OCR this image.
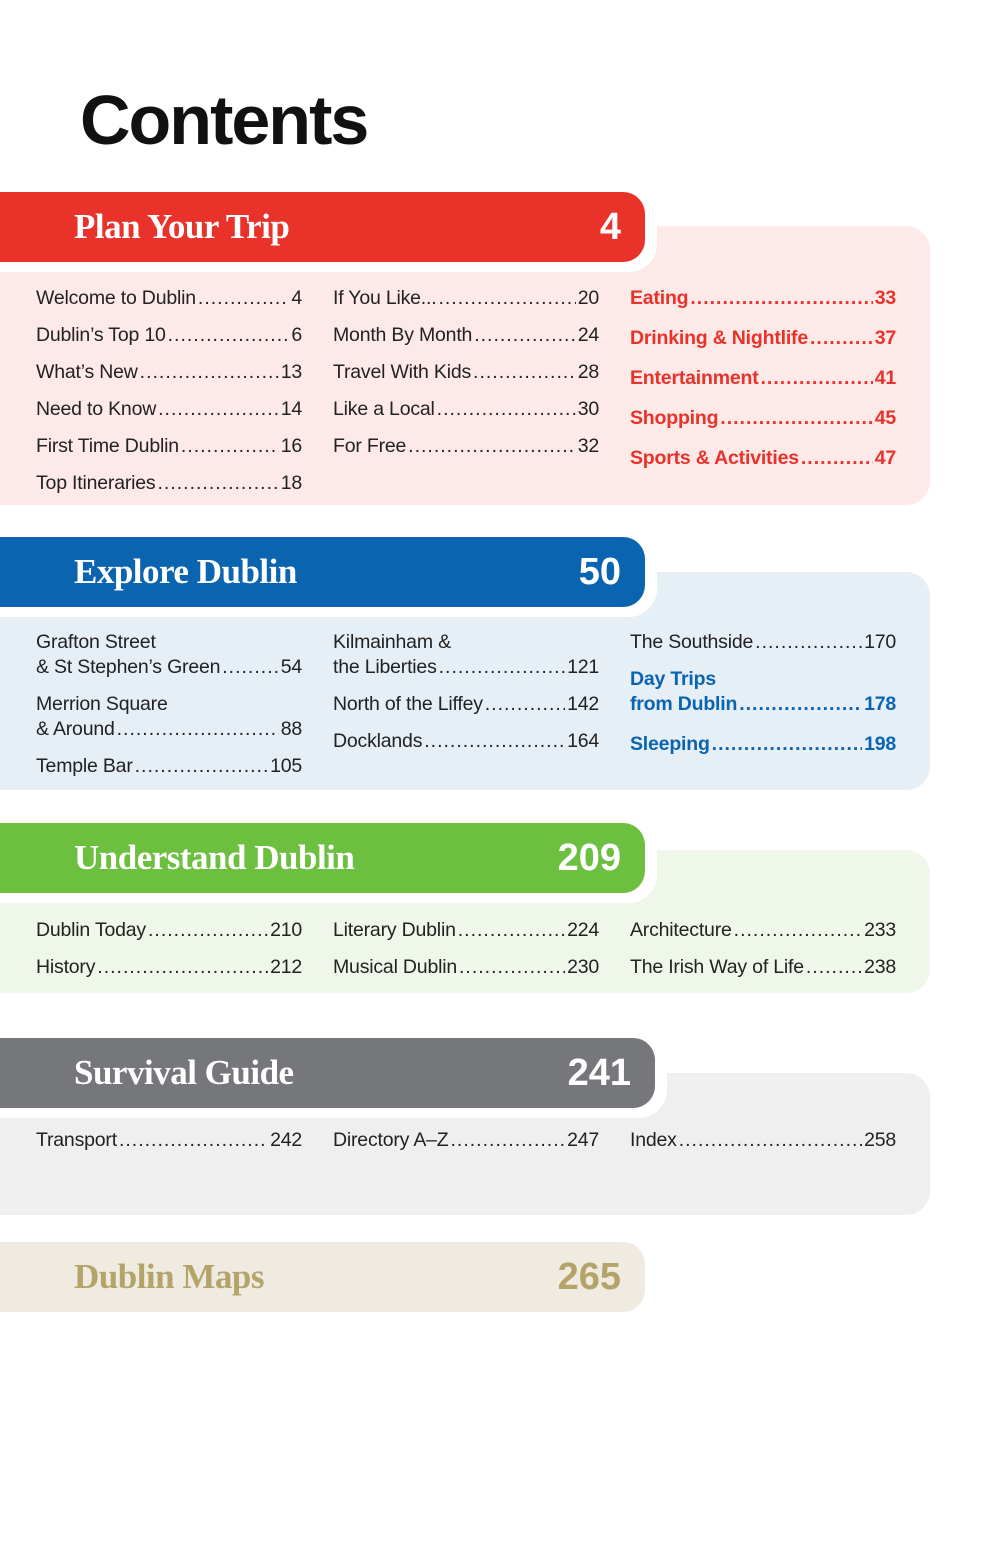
Contents
Plan Your Trip	4
Welcome to Dublin .....	4
Dublin’s Top 10 .....	6
What’s New .....	13
Need to Know .....	14
First Time Dublin .....	16
Top Itineraries .....	18
If You Like... .....	20
Month By Month .....	24
Travel With Kids .....	28
Like a Local .....	30
For Free .....	32
Eating .....	33
Drinking & Nightlife .....	37
Entertainment .....	41
Shopping .....	45
Sports & Activities .....	47
Explore Dublin	50
Grafton Street
& St Stephen’s Green .....	54
Merrion Square
& Around .....	88
Temple Bar .....	105
Kilmainham &
the Liberties .....	121
North of the Liffey .....	142
Docklands .....	164
The Southside .....	170
Day Trips
from Dublin .....	178
Sleeping .....	198
Understand Dublin	209
Dublin Today .....	210
History .....	212
Literary Dublin .....	224
Musical Dublin .....	230
Architecture .....	233
The Irish Way of Life .....	238
Survival Guide	241
Transport .....	242 Directory A–Z .....	247 Index .....	258
Dublin Maps	265
